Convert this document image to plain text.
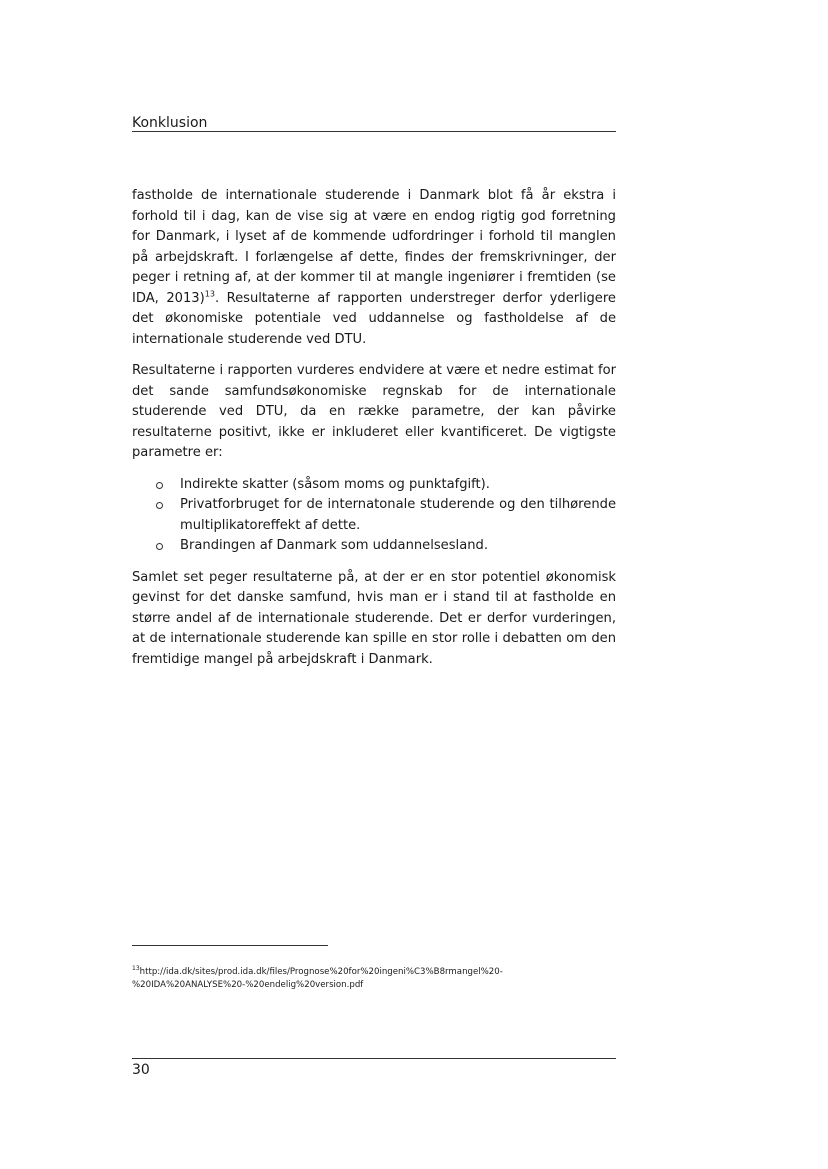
Konklusion

fastholde de internationale studerende i Danmark blot få år ekstra i forhold til i dag, kan de vise sig at være en endog rigtig god forretning for Danmark, i lyset af de kommende udfordringer i forhold til manglen på arbejdskraft. I forlængelse af dette, findes der fremskrivninger, der peger i retning af, at der kommer til at mangle ingeniører i fremtiden (se IDA, 2013)$^{13}$. Resultaterne af rapporten understreger derfor yderligere det økonomiske potentiale ved uddannelse og fastholdelse af de internationale studerende ved DTU.

Resultaterne i rapporten vurderes endvidere at være et nedre estimat for det sande samfundsøkonomiske regnskab for de internationale studerende ved DTU, da en række parametre, der kan påvirke resultaterne positivt, ikke er inkluderet eller kvantificeret. De vigtigste parametre er:

Indirekte skatter (såsom moms og punktafgift).
Privatforbruget for de internatonale studerende og den tilhørende multiplikatoreffekt af dette.
Brandingen af Danmark som uddannelsesland.

Samlet set peger resultaterne på, at der er en stor potentiel økonomisk gevinst for det danske samfund, hvis man er i stand til at fastholde en større andel af de internationale studerende. Det er derfor vurderingen, at de internationale studerende kan spille en stor rolle i debatten om den fremtidige mangel på arbejdskraft i Danmark.

$^{13}$http://ida.dk/sites/prod.ida.dk/files/Prognose%20for%20ingeni%C3%B8rmangel%20-%20IDA%20ANALYSE%20-%20endelig%20version.pdf
30
